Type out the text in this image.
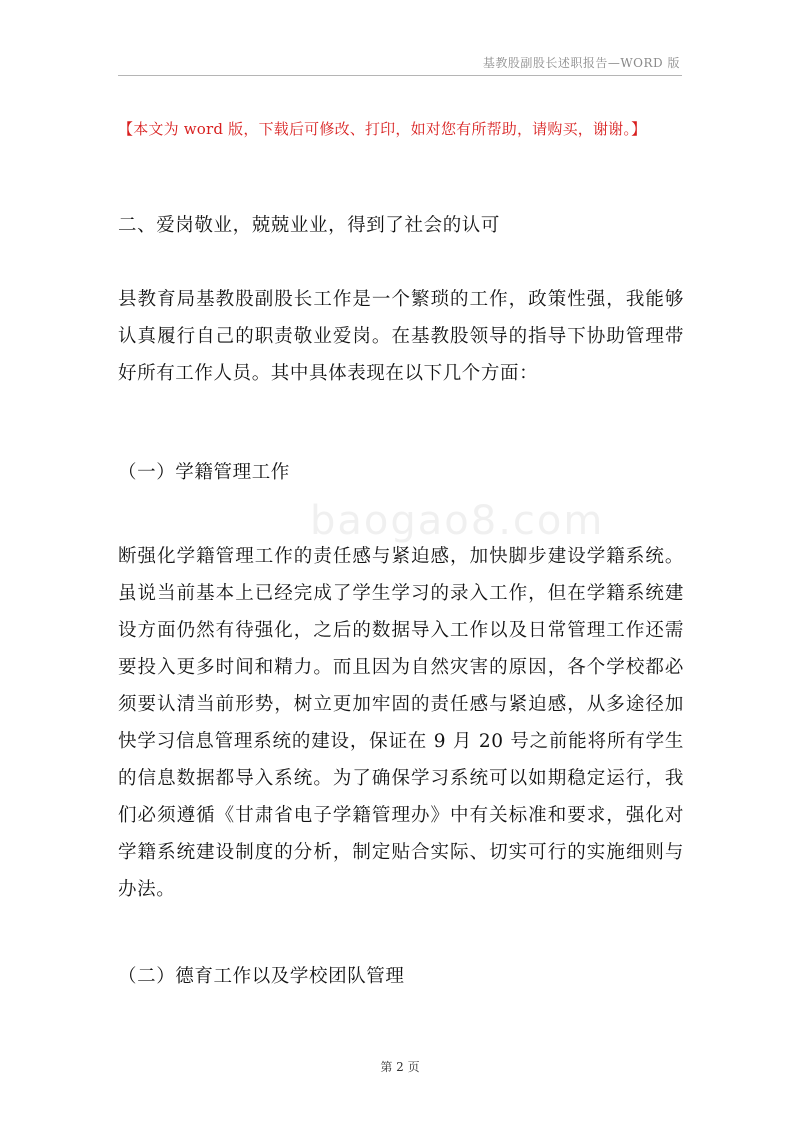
基教股副股长述职报告—WORD 版
【本文为 word 版，下载后可修改、打印，如对您有所帮助，请购买，谢谢。】
二、爱岗敬业，兢兢业业，得到了社会的认可
县教育局基教股副股长工作是一个繁琐的工作，政策性强，我能够认真履行自己的职责敬业爱岗。在基教股领导的指导下协助管理带好所有工作人员。其中具体表现在以下几个方面：
（一）学籍管理工作
baogao8.com
断强化学籍管理工作的责任感与紧迫感，加快脚步建设学籍系统。虽说当前基本上已经完成了学生学习的录入工作，但在学籍系统建设方面仍然有待强化，之后的数据导入工作以及日常管理工作还需要投入更多时间和精力。而且因为自然灾害的原因，各个学校都必须要认清当前形势，树立更加牢固的责任感与紧迫感，从多途径加快学习信息管理系统的建设，保证在 9 月 20 号之前能将所有学生的信息数据都导入系统。为了确保学习系统可以如期稳定运行，我们必须遵循《甘肃省电子学籍管理办》中有关标准和要求，强化对学籍系统建设制度的分析，制定贴合实际、切实可行的实施细则与办法。
（二）德育工作以及学校团队管理
第 2 页
